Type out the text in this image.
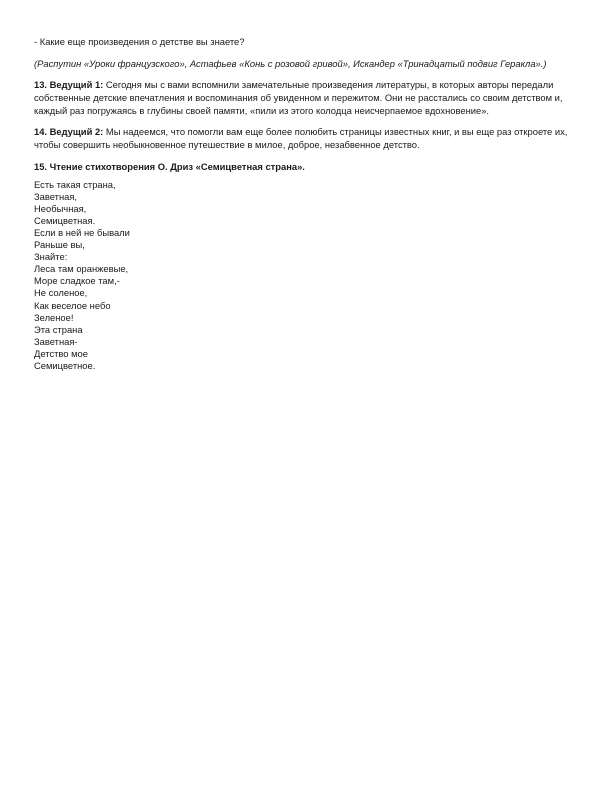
- Какие еще произведения о детстве вы знаете?

(Распутин «Уроки французского», Астафьев «Конь с розовой гривой», Искандер «Тринадцатый подвиг Геракла».)

13. Ведущий 1: Сегодня мы с вами вспомнили замечательные произведения литературы, в которых авторы передали собственные детские впечатления и воспоминания об увиденном и пережитом. Они не расстались со своим детством и, каждый раз погружаясь в глубины своей памяти, «пили из этого колодца неисчерпаемое вдохновение».

14. Ведущий 2: Мы надеемся, что помогли вам еще более полюбить страницы известных книг, и вы еще раз откроете их, чтобы совершить необыкновенное путешествие в милое, доброе, незабвенное детство.

15. Чтение стихотворения О. Дриз «Семицветная страна».

Есть такая страна,
Заветная,
Необычная,
Семицветная.
Если в ней не бывали
Раньше вы,
Знайте:
Леса там оранжевые,
Море сладкое там,-
Не соленое,
Как веселое небо
Зеленое!
Эта страна
Заветная-
Детство мое
Семицветное.
